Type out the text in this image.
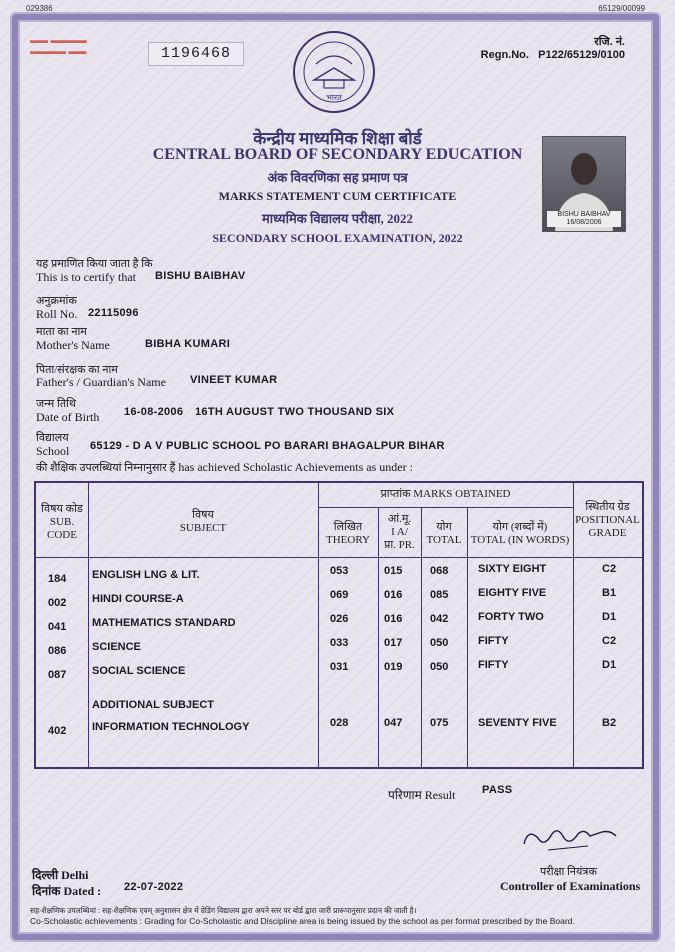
029386	65129/00099
▬▬ ▬▬▬▬
▬▬▬▬ ▬▬	1196468
रजि. नं.
Regn.No. P122/65129/0100
भारत
केन्द्रीय माध्यमिक शिक्षा बोर्ड
CENTRAL BOARD OF SECONDARY EDUCATION
अंक विवरणिका सह प्रमाण पत्र
MARKS STATEMENT CUM CERTIFICATE
माध्यमिक विद्यालय परीक्षा, 2022
SECONDARY SCHOOL EXAMINATION, 2022
BISHU BAIBHAV
16/08/2006
यह प्रमाणित किया जाता है कि
This is to certify that BISHU BAIBHAV
अनुक्रमांक
Roll No. 22115096
माता का नाम
Mother's Name	BIBHA KUMARI
पिता/संरक्षक का नाम
Father's / Guardian's Name VINEET KUMAR
जन्म तिथि
Date of Birth 16-08-2006 16TH AUGUST TWO THOUSAND SIX
विद्यालय
School 65129 - D A V PUBLIC SCHOOL PO BARARI BHAGALPUR BIHAR
की शैक्षिक उपलब्धियां निम्नानुसार हैं has achieved Scholastic Achievements as under :
विषय कोड
SUB.
CODE
विषय
SUBJECT
प्राप्तांक MARKS OBTAINED
लिखित
THEORY
आं.मू.
I A/
प्रा. PR.
योग
TOTAL
योग (शब्दों में)
TOTAL (IN WORDS)
स्थितीय ग्रेड
POSITIONAL
GRADE
184 ENGLISH LNG & LIT.	053	015	068	SIXTY EIGHT	C2
002 HINDI COURSE-A	069	016	085	EIGHTY FIVE	B1
041 MATHEMATICS STANDARD	026	016	042	FORTY TWO	D1
086 SCIENCE	033	017	050	FIFTY	C2
087 SOCIAL SCIENCE	031	019	050	FIFTY	D1
ADDITIONAL SUBJECT
402 INFORMATION TECHNOLOGY	028	047	075	SEVENTY FIVE	B2
परिणाम Result PASS
परीक्षा नियंत्रक
Controller of Examinations
दिल्ली Delhi
दिनांक Dated : 22-07-2022
सह-शैक्षणिक उपलब्धियां : सह-शैक्षणिक एवम् अनुशासन क्षेत्र में ग्रेडिंग विद्यालय द्वारा अपने स्तर पर बोर्ड द्वारा जारी प्रारूपानुसार प्रदान की जाती है।
Co-Scholastic achievements : Grading for Co-Scholastic and Discipline area is being issued by the school as per format prescribed by the Board.
